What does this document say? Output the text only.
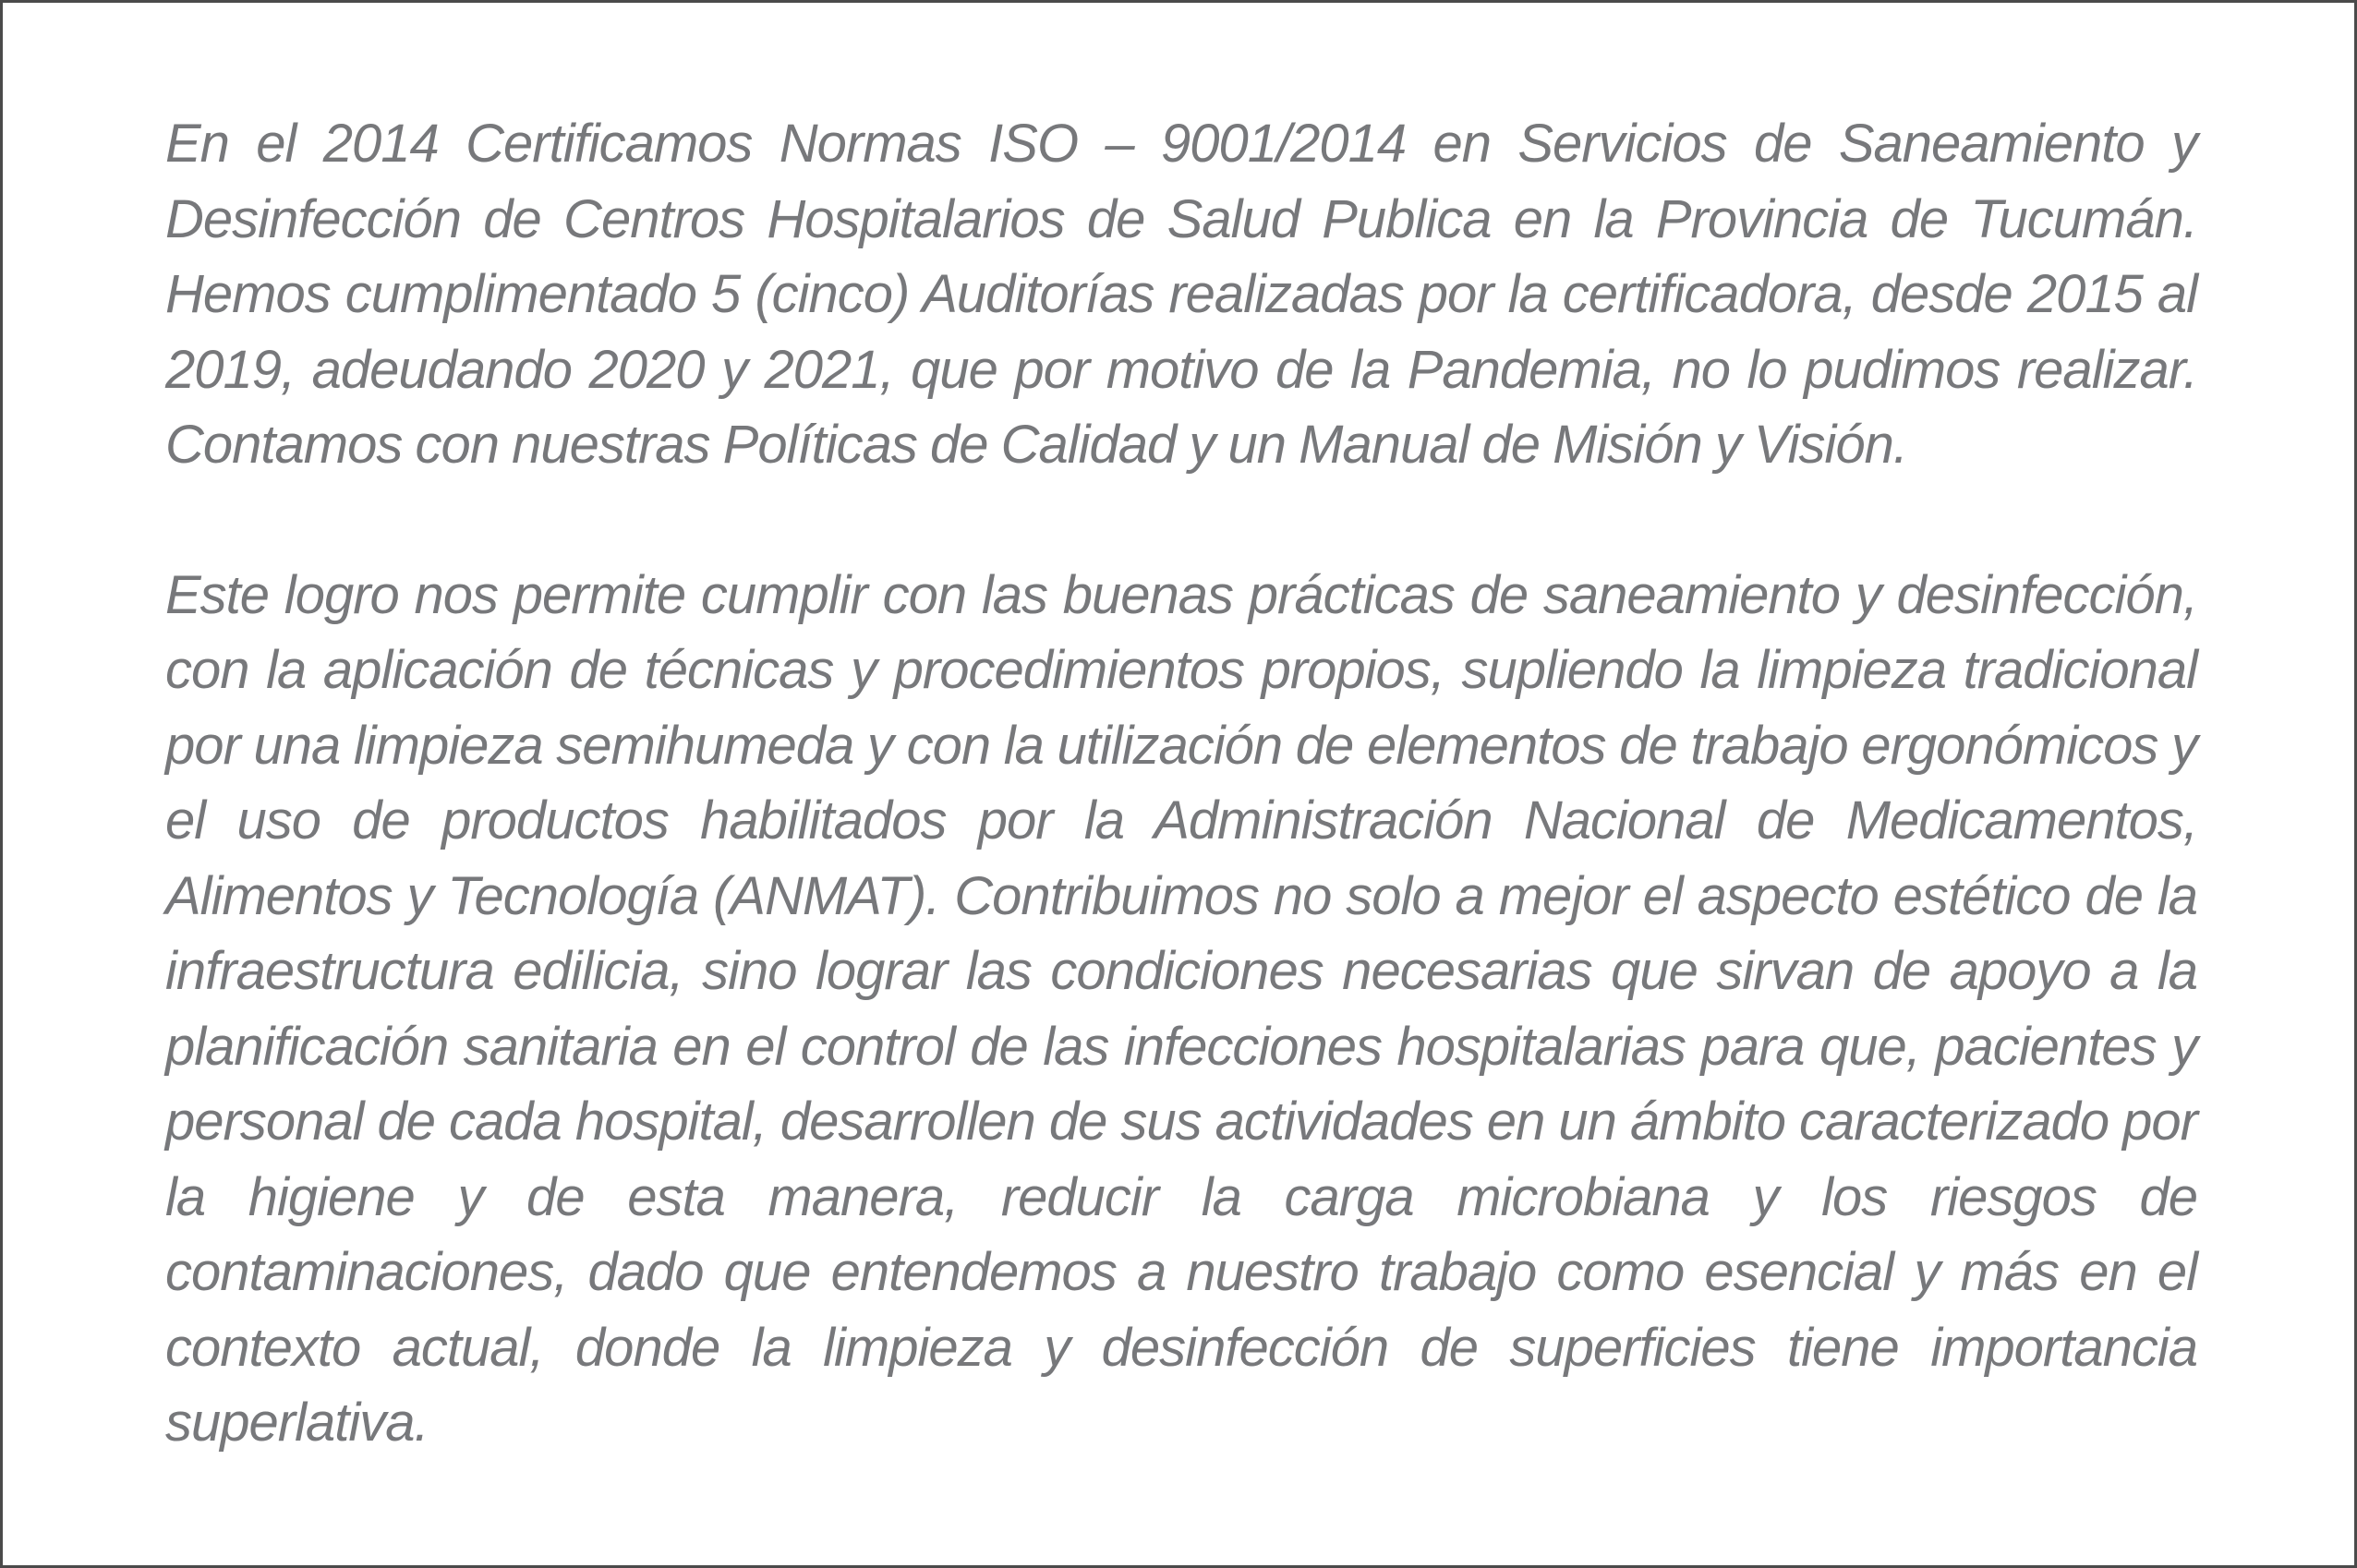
En el 2014 Certificamos Normas ISO – 9001/2014 en Servicios de Saneamiento y Desinfección de Centros Hospitalarios de Salud Publica en la Provincia de Tucumán. Hemos cumplimentado 5 (cinco) Auditorías realizadas por la certificadora, desde 2015 al 2019, adeudando 2020 y 2021, que por motivo de la Pandemia, no lo pudimos realizar. Contamos con nuestras Políticas de Calidad y un Manual de Misión y Visión.

Este logro nos permite cumplir con las buenas prácticas de saneamiento y desinfección, con la aplicación de técnicas y procedimientos propios, supliendo la limpieza tradicional por una limpieza semihumeda y con la utilización de elementos de trabajo ergonómicos y el uso de productos habilitados por la Administración Nacional de Medicamentos, Alimentos y Tecnología (ANMAT). Contribuimos no solo a mejor el aspecto estético de la infraestructura edilicia, sino lograr las condiciones necesarias que sirvan de apoyo a la planificación sanitaria en el control de las infecciones hospitalarias para que, pacientes y personal de cada hospital, desarrollen de sus actividades en un ámbito caracterizado por la higiene y de esta manera, reducir la carga microbiana y los riesgos de contaminaciones, dado que entendemos a nuestro trabajo como esencial y más en el contexto actual, donde la limpieza y desinfección de superficies tiene importancia superlativa.
